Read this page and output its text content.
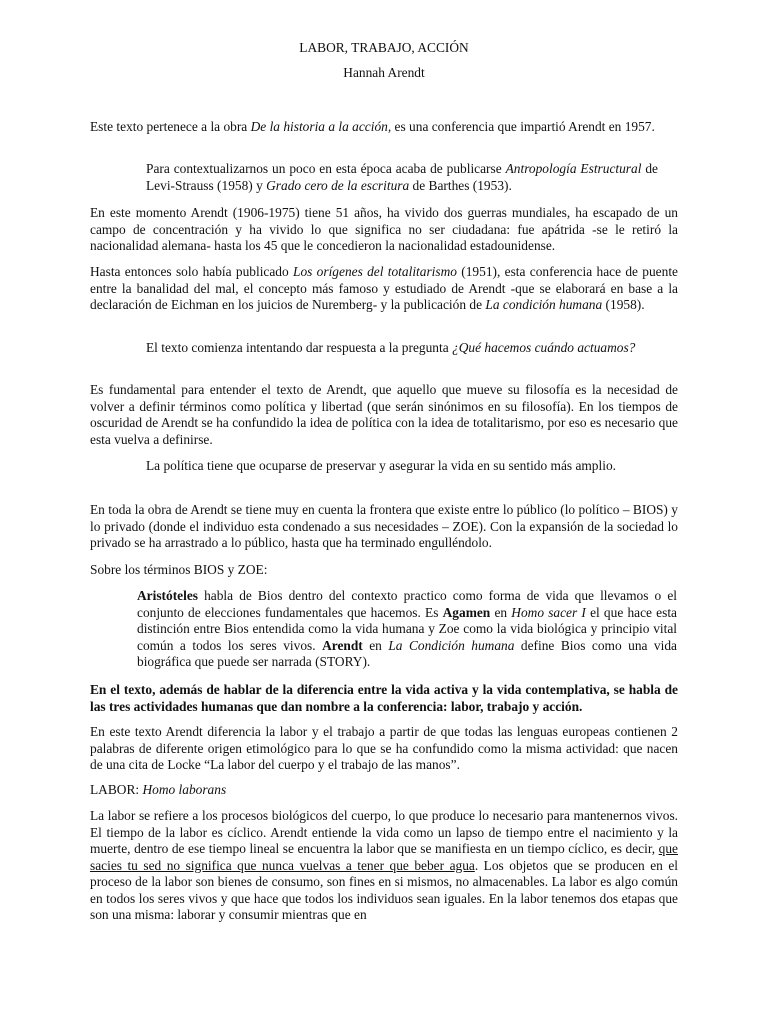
LABOR, TRABAJO, ACCIÓN
Hannah Arendt

Este texto pertenece a la obra De la historia a la acción, es una conferencia que impartió Arendt en 1957.

Para contextualizarnos un poco en esta época acaba de publicarse Antropología Estructural de Levi-Strauss (1958) y Grado cero de la escritura de Barthes (1953).

En este momento Arendt (1906-1975) tiene 51 años, ha vivido dos guerras mundiales, ha escapado de un campo de concentración y ha vivido lo que significa no ser ciudadana: fue apátrida -se le retiró la nacionalidad alemana- hasta los 45 que le concedieron la nacionalidad estadounidense.

Hasta entonces solo había publicado Los orígenes del totalitarismo (1951), esta conferencia hace de puente entre la banalidad del mal, el concepto más famoso y estudiado de Arendt -que se elaborará en base a la declaración de Eichman en los juicios de Nuremberg- y la publicación de La condición humana (1958).

El texto comienza intentando dar respuesta a la pregunta ¿Qué hacemos cuándo actuamos?

Es fundamental para entender el texto de Arendt, que aquello que mueve su filosofía es la necesidad de volver a definir términos como política y libertad (que serán sinónimos en su filosofía). En los tiempos de oscuridad de Arendt se ha confundido la idea de política con la idea de totalitarismo, por eso es necesario que esta vuelva a definirse.

La política tiene que ocuparse de preservar y asegurar la vida en su sentido más amplio.

En toda la obra de Arendt se tiene muy en cuenta la frontera que existe entre lo público (lo político – BIOS) y lo privado (donde el individuo esta condenado a sus necesidades – ZOE). Con la expansión de la sociedad lo privado se ha arrastrado a lo público, hasta que ha terminado engulléndolo.

Sobre los términos BIOS y ZOE:

Aristóteles habla de Bios dentro del contexto practico como forma de vida que llevamos o el conjunto de elecciones fundamentales que hacemos. Es Agamen en Homo sacer I el que hace esta distinción entre Bios entendida como la vida humana y Zoe como la vida biológica y principio vital común a todos los seres vivos. Arendt en La Condición humana define Bios como una vida biográfica que puede ser narrada (STORY).

En el texto, además de hablar de la diferencia entre la vida activa y la vida contemplativa, se habla de las tres actividades humanas que dan nombre a la conferencia: labor, trabajo y acción.

En este texto Arendt diferencia la labor y el trabajo a partir de que todas las lenguas europeas contienen 2 palabras de diferente origen etimológico para lo que se ha confundido como la misma actividad: que nacen de una cita de Locke “La labor del cuerpo y el trabajo de las manos”.

LABOR: Homo laborans

La labor se refiere a los procesos biológicos del cuerpo, lo que produce lo necesario para mantenernos vivos. El tiempo de la labor es cíclico. Arendt entiende la vida como un lapso de tiempo entre el nacimiento y la muerte, dentro de ese tiempo lineal se encuentra la labor que se manifiesta en un tiempo cíclico, es decir, que sacies tu sed no significa que nunca vuelvas a tener que beber agua. Los objetos que se producen en el proceso de la labor son bienes de consumo, son fines en si mismos, no almacenables. La labor es algo común en todos los seres vivos y que hace que todos los individuos sean iguales. En la labor tenemos dos etapas que son una misma: laborar y consumir mientras que en
